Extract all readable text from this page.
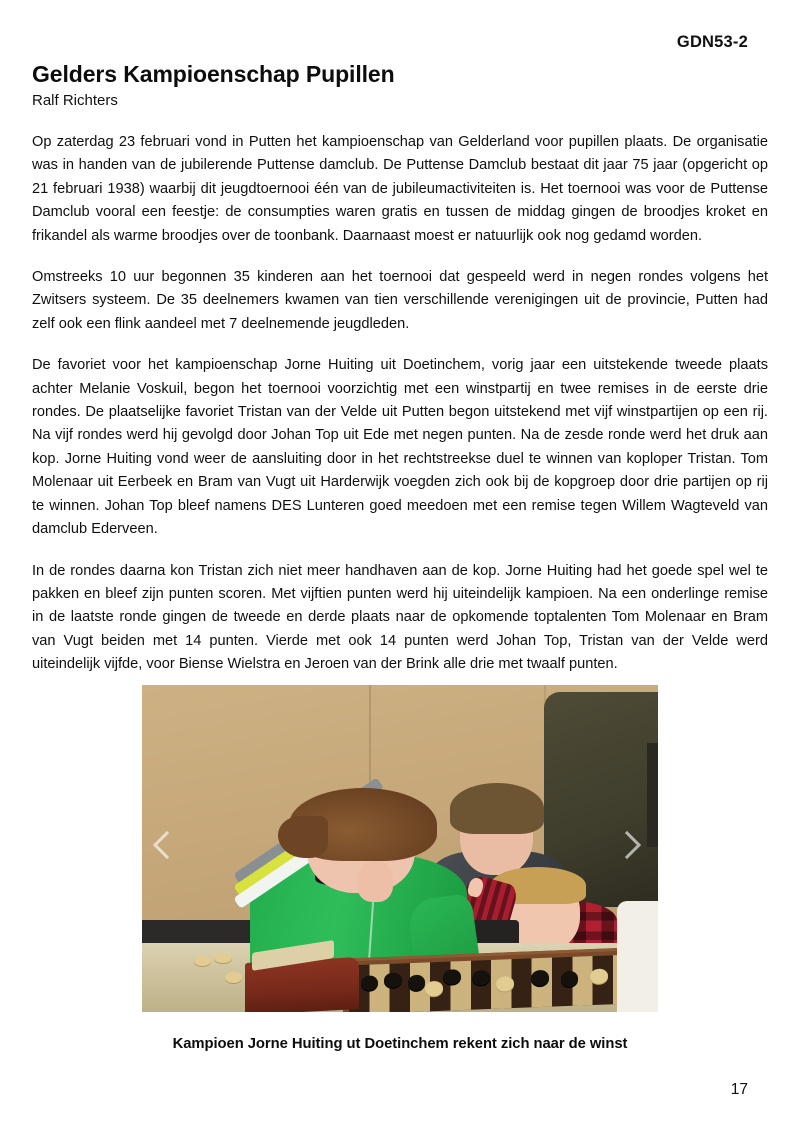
GDN53-2
Gelders Kampioenschap Pupillen
Ralf Richters

Op zaterdag 23 februari vond in Putten het kampioenschap van Gelderland voor pupillen plaats. De organisatie was in handen van de jubilerende Puttense damclub. De Puttense Damclub bestaat dit jaar 75 jaar (opgericht op 21 februari 1938) waarbij dit jeugdtoernooi één van de jubileumactiviteiten is. Het toernooi was voor de Puttense Damclub vooral een feestje: de consumpties waren gratis en tussen de middag gingen de broodjes kroket en frikandel als warme broodjes over de toonbank. Daarnaast moest er natuurlijk ook nog gedamd worden.

Omstreeks 10 uur begonnen 35 kinderen aan het toernooi dat gespeeld werd in negen rondes volgens het Zwitsers systeem. De 35 deelnemers kwamen van tien verschillende verenigingen uit de provincie, Putten had zelf ook een flink aandeel met 7 deelnemende jeugdleden.

De favoriet voor het kampioenschap Jorne Huiting uit Doetinchem, vorig jaar een uitstekende tweede plaats achter Melanie Voskuil, begon het toernooi voorzichtig met een winstpartij en twee remises in de eerste drie rondes. De plaatselijke favoriet Tristan van der Velde uit Putten begon uitstekend met vijf winstpartijen op een rij. Na vijf rondes werd hij gevolgd door Johan Top uit Ede met negen punten. Na de zesde ronde werd het druk aan kop. Jorne Huiting vond weer de aansluiting door in het rechtstreekse duel te winnen van koploper Tristan. Tom Molenaar uit Eerbeek en Bram van Vugt uit Harderwijk voegden zich ook bij de kopgroep door drie partijen op rij te winnen. Johan Top bleef namens DES Lunteren goed meedoen met een remise tegen Willem Wagteveld van damclub Ederveen.

In de rondes daarna kon Tristan zich niet meer handhaven aan de kop. Jorne Huiting had het goede spel wel te pakken en bleef zijn punten scoren. Met vijftien punten werd hij uiteindelijk kampioen. Na een onderlinge remise in de laatste ronde gingen de tweede en derde plaats naar de opkomende toptalenten Tom Molenaar en Bram van Vugt beiden met 14 punten. Vierde met ook 14 punten werd Johan Top, Tristan van der Velde werd uiteindelijk vijfde, voor Biense Wielstra en Jeroen van der Brink alle drie met twaalf punten.

Kampioen Jorne Huiting ut Doetinchem rekent zich naar de winst
17
